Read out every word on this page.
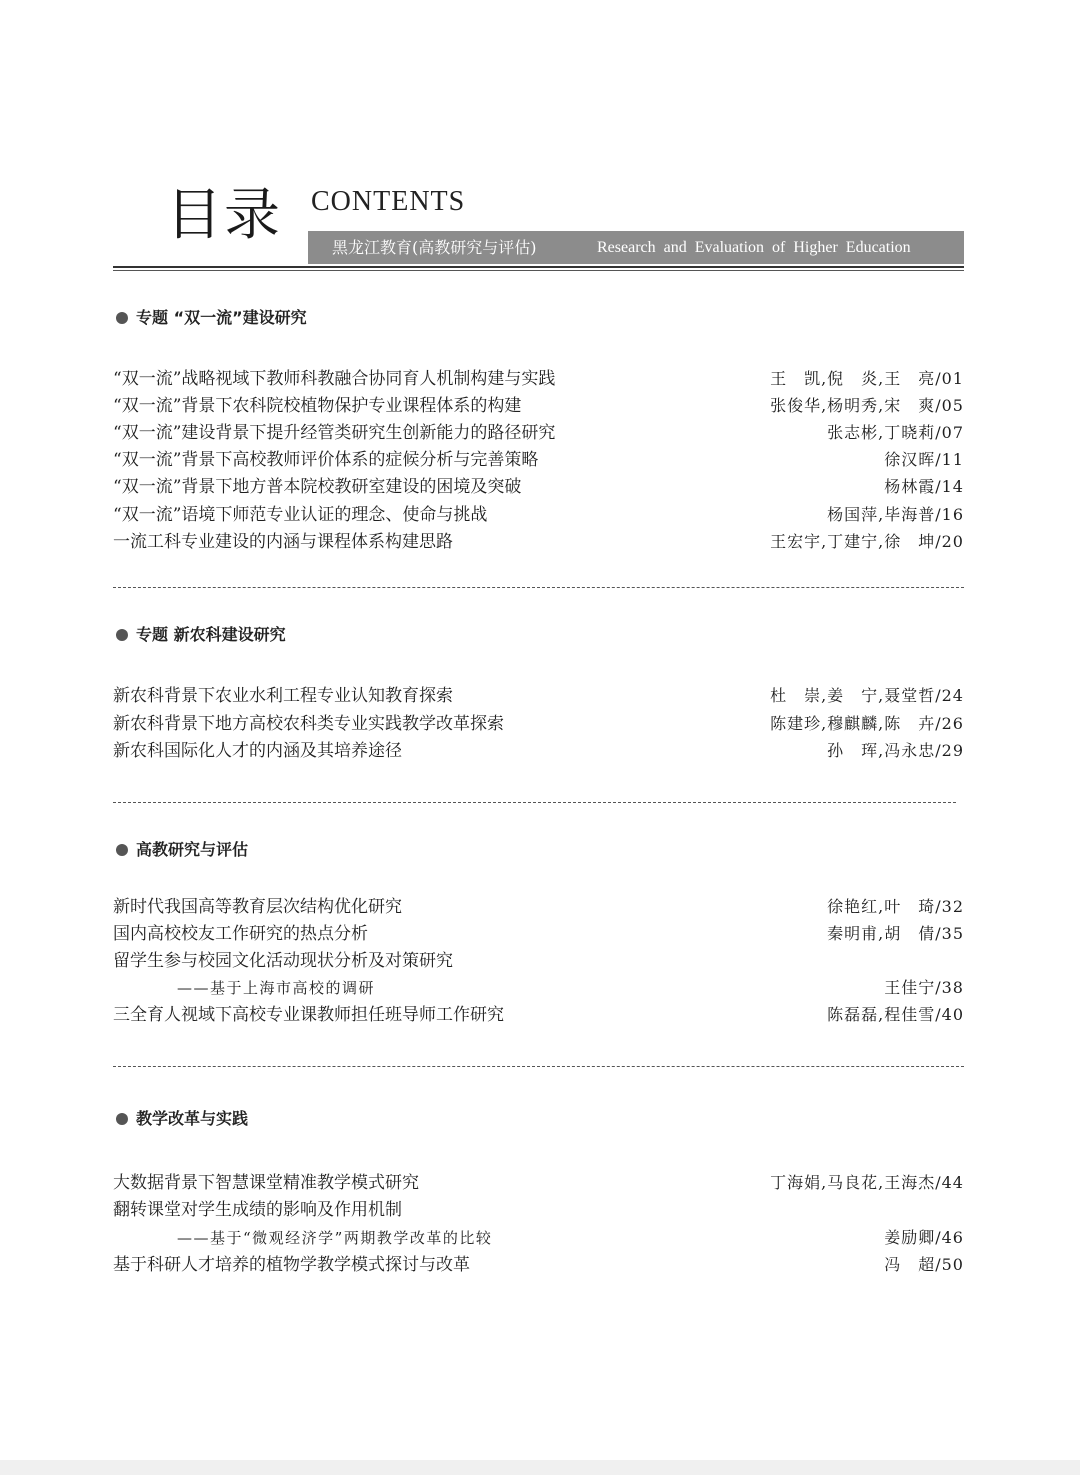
目录 CONTENTS
黑龙江教育(高教研究与评估)	Research and Evaluation of Higher Education
专题 “双一流”建设研究
“双一流”战略视域下教师科教融合协同育人机制构建与实践	王　凯,倪　炎,王　亮/01
“双一流”背景下农科院校植物保护专业课程体系的构建	张俊华,杨明秀,宋　爽/05
“双一流”建设背景下提升经管类研究生创新能力的路径研究	张志彬,丁晓莉/07
“双一流”背景下高校教师评价体系的症候分析与完善策略	徐汉晖/11
“双一流”背景下地方普本院校教研室建设的困境及突破	杨林霞/14
“双一流”语境下师范专业认证的理念、使命与挑战	杨国萍,毕海普/16
一流工科专业建设的内涵与课程体系构建思路	王宏宇,丁建宁,徐　坤/20
专题 新农科建设研究
新农科背景下农业水利工程专业认知教育探索	杜　崇,姜　宁,聂堂哲/24
新农科背景下地方高校农科类专业实践教学改革探索	陈建珍,穆麒麟,陈　卉/26
新农科国际化人才的内涵及其培养途径	孙　珲,冯永忠/29
高教研究与评估
新时代我国高等教育层次结构优化研究	徐艳红,叶　琦/32
国内高校校友工作研究的热点分析	秦明甫,胡　倩/35
留学生参与校园文化活动现状分析及对策研究
——基于上海市高校的调研	王佳宁/38
三全育人视域下高校专业课教师担任班导师工作研究	陈磊磊,程佳雪/40
教学改革与实践
大数据背景下智慧课堂精准教学模式研究	丁海娟,马良花,王海杰/44
翻转课堂对学生成绩的影响及作用机制
——基于“微观经济学”两期教学改革的比较	姜励卿/46
基于科研人才培养的植物学教学模式探讨与改革	冯　超/50
